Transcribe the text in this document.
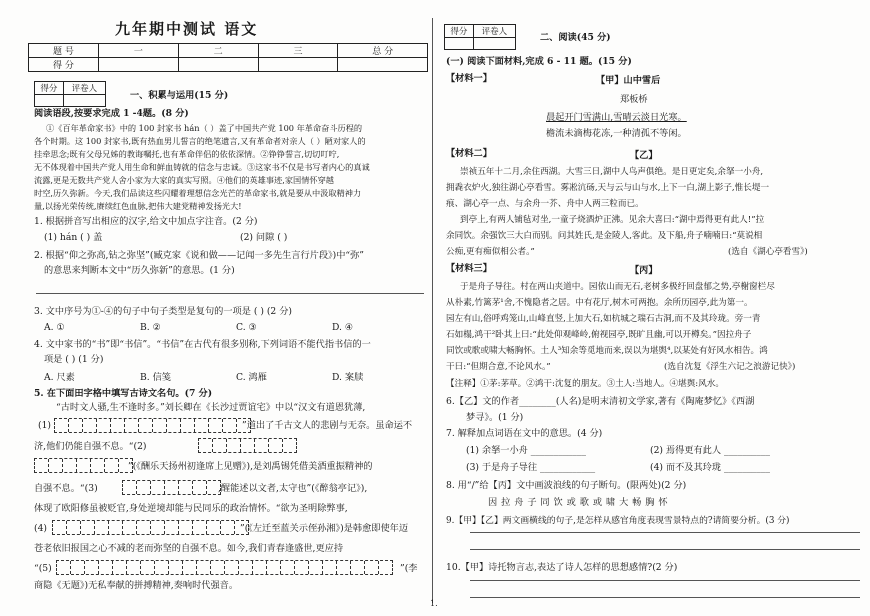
九年期中测试 语文
题 号	一	二	三	总 分
得 分				
得分	评卷人

一、积累与运用(15 分)
阅读语段,按要求完成 1 -4题。(8 分)
①《百年革命家书》中的 100 封家书 hán（ ）盖了中国共产党 100 年革命奋斗历程的
各个时期。这 100 封家书,既有热血男儿誓言的绝笔遗言,又有革命者对亲人（ ）陋对家人的
挂牵思念;既有父母兄姊的教诲嘱托,也有革命伴侣的依依深情。②铮铮誓言,切切叮咛,
无不体现着中国共产党人用生命和鲜血铸就的信念与忠诚。③这家书不仅是书写者内心的真诚
流露,更是无数共产党人舍小家为大家的真实写照。④他们的英雄事迹,家国情怀穿越
时空,历久弥新。今天,我们品读这些闪耀着理想信念光芒的革命家书,就是要从中汲取精神力
量,以扬光荣传统,赓续红色血脉,把伟大建党精神发扬光大!
1. 根据拼音写出相应的汉字,给文中加点字注音。(2 分)
(1) hán ( ) 盖	(2) 问隙 ( )
2. 根据“仰之弥高,钻之弥坚”(臧克家《说和做——记闻一多先生言行片段》)中“弥”
的意思来判断本文中“历久弥新”的意思。(1 分)
3. 文中序号为①-④的句子中句子类型是复句的一项是 ( ) (2 分)
A. ①	B. ②	C. ③	D. ④
4. 文中家书的“书”即“书信”。“书信”在古代有很多别称,下列词语不能代指书信的一
项是 ( ) (1 分)
A. 尺素	B. 信笺	C. 鸿雁	D. 案牍
5. 在下面田字格中填写古诗文名句。(7 分)
“古时文人骚,生不逢时多。”刘长卿在《长沙过贾谊宅》中以“汉文有道恩犹薄,
(1)	”道出了千古文人的悲剧与无奈。虽命运不
济,他们仍能自强不息。“(2)
”(《酬乐天扬州初逢席上见赠》),是刘禹锡凭借美酒重振精神的
自强不息。“(3)	,醒能述以文者,太守也”(《醉翁亭记》),
体现了欧阳修虽被贬官,身处逆境却能与民同乐的政治情怀。“欲为圣明除弊事,
(4)	”(《左迁至蓝关示侄孙湘》)是韩愈即使年迈
苍老依旧报国之心不减的老而弥坚的自强不息。如今,我们青春逢盛世,更应持
“(5)	”(李
商隐《无题》)无私奉献的拼搏精神,奏响时代强音。
得分	评卷人
		二、阅读(45 分)
(一) 阅读下面材料,完成 6 - 11 题。(15 分)
【材料一】	【甲】山中雪后
郑板桥
晨起开门雪满山,雪晴云淡日光寒。
檐流未滴梅花冻,一种清孤不等闲。
【材料二】	【乙】
崇祯五年十二月,余住西湖。大雪三日,湖中人鸟声俱绝。是日更定矣,余拏一小舟,
拥毳衣炉火,独往湖心亭看雪。雾凇沆砀,天与云与山与水,上下一白,湖上影子,惟长堤一
痕、湖心亭一点、与余舟一芥、舟中人两三粒而已。
到亭上,有两人铺毡对坐,一童子烧酒炉正沸。见余大喜曰:“湖中焉得更有此人!”拉
余同饮。余强饮三大白而别。问其姓氏,是金陵人,客此。及下船,舟子喃喃曰:“莫说相
公痴,更有痴似相公者。”	(选自《湖心亭看雪》)
【材料三】	【丙】
于是舟子导往。村在两山夹道中。园依山而无石,老树多极纡回盘郁之势,亭榭窗栏尽
从朴素,竹篱茅¹舍,不愧隐者之居。中有花厅,树木可两抱。余所历园亭,此为第一。
园左有山,俗呼鸡笼山,山峰直竖,上加大石,如杭城之瑞石古洞,而不及其玲珑。旁一青
石如榻,鸿干²卧其上曰:“此处仰观峰岭,俯视园亭,既旷且幽,可以开樽矣。”因拉舟子
同饮或歌或啸大畅胸怀。土人³知余等觅地而来,误以为堪舆⁴,以某处有好风水相告。鸿
干曰:“但期合意,不论风水。”	(选自沈复《浮生六记之浪游记快》)
【注释】①茅:茅草。②鸿干:沈复的朋友。③土人:当地人。④堪舆:风水。
6.【乙】文的作者________(人名)是明末清初文学家,著有《陶庵梦忆》《西湖
梦寻》。(1 分)
7. 解释加点词语在文中的意思。(4 分)
(1) 余拏一小舟 ____________	(2) 焉得更有此人 __________
(3) 于是舟子导往 ____________	(4) 而不及其玲珑 __________
8. 用“/”给【丙】文中画波浪线的句子断句。(限两处)(2 分)
因 拉 舟 子 同 饮 或 歌 或 啸 大 畅 胸 怀
9.【甲】【乙】两文画横线的句子,是怎样从感官角度表现雪景特点的?请简要分析。(3 分)
10.【甲】诗托物言志,表达了诗人怎样的思想感情?(2 分)
1.
